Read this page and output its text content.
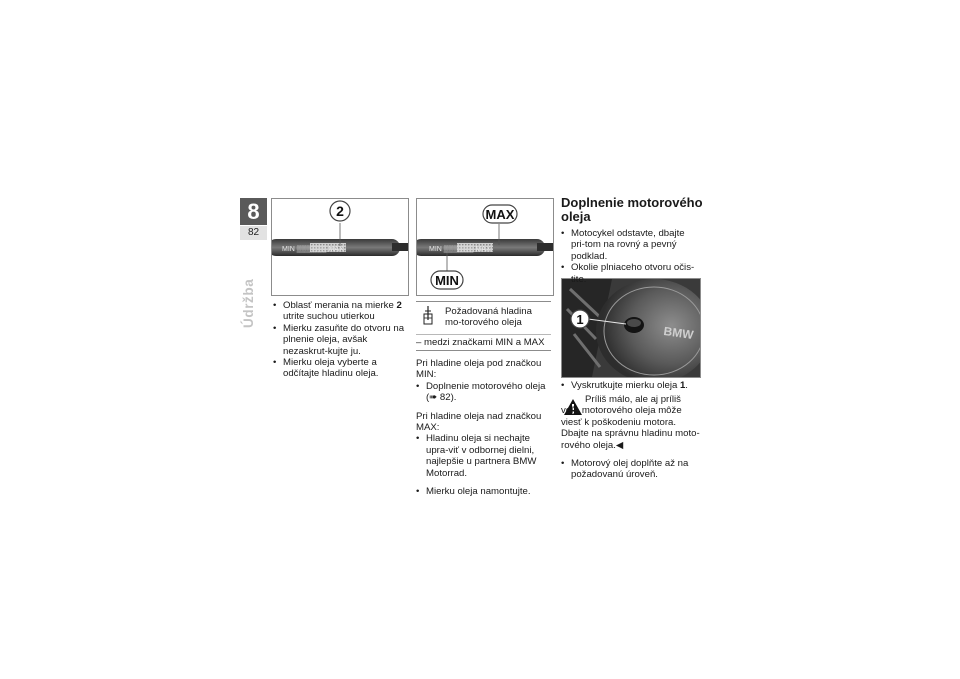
8
82
Údržba
2
MIN ▒▒▒▒▒▒ MAX
MAX
MIN
MIN ▒▒▒▒▒▒ MAX
BMW
1
• Oblasť merania na mierke 2
utrite suchou utierkou
• Mierku zasuňte do otvoru na plnenie oleja, avšak nezaskrut-kujte ju.
• Mierku oleja vyberte a odčítajte hladinu oleja.
Požadovaná hladina mo-torového oleja
– medzi značkami MIN a MAX

Pri hladine oleja pod značkou MIN:

• Doplnenie motorového oleja (➠ 82).

Pri hladine oleja nad značkou MAX:

• Hladinu oleja si nechajte upra-viť v odbornej dielni, najlepšie u partnera BMW Motorrad.
• Mierku oleja namontujte.
Doplnenie motorového oleja
• Motocykel odstavte, dbajte pri-tom na rovný a pevný podklad.
• Okolie plniaceho otvoru očis-tite.
• Vyskrutkujte mierku oleja 1.

Príliš málo, ale aj príliš veľa motorového oleja môže viesť k poškodeniu motora.

Dbajte na správnu hladinu moto-rového oleja.◀

• Motorový olej doplňte až na požadovanú úroveň.
